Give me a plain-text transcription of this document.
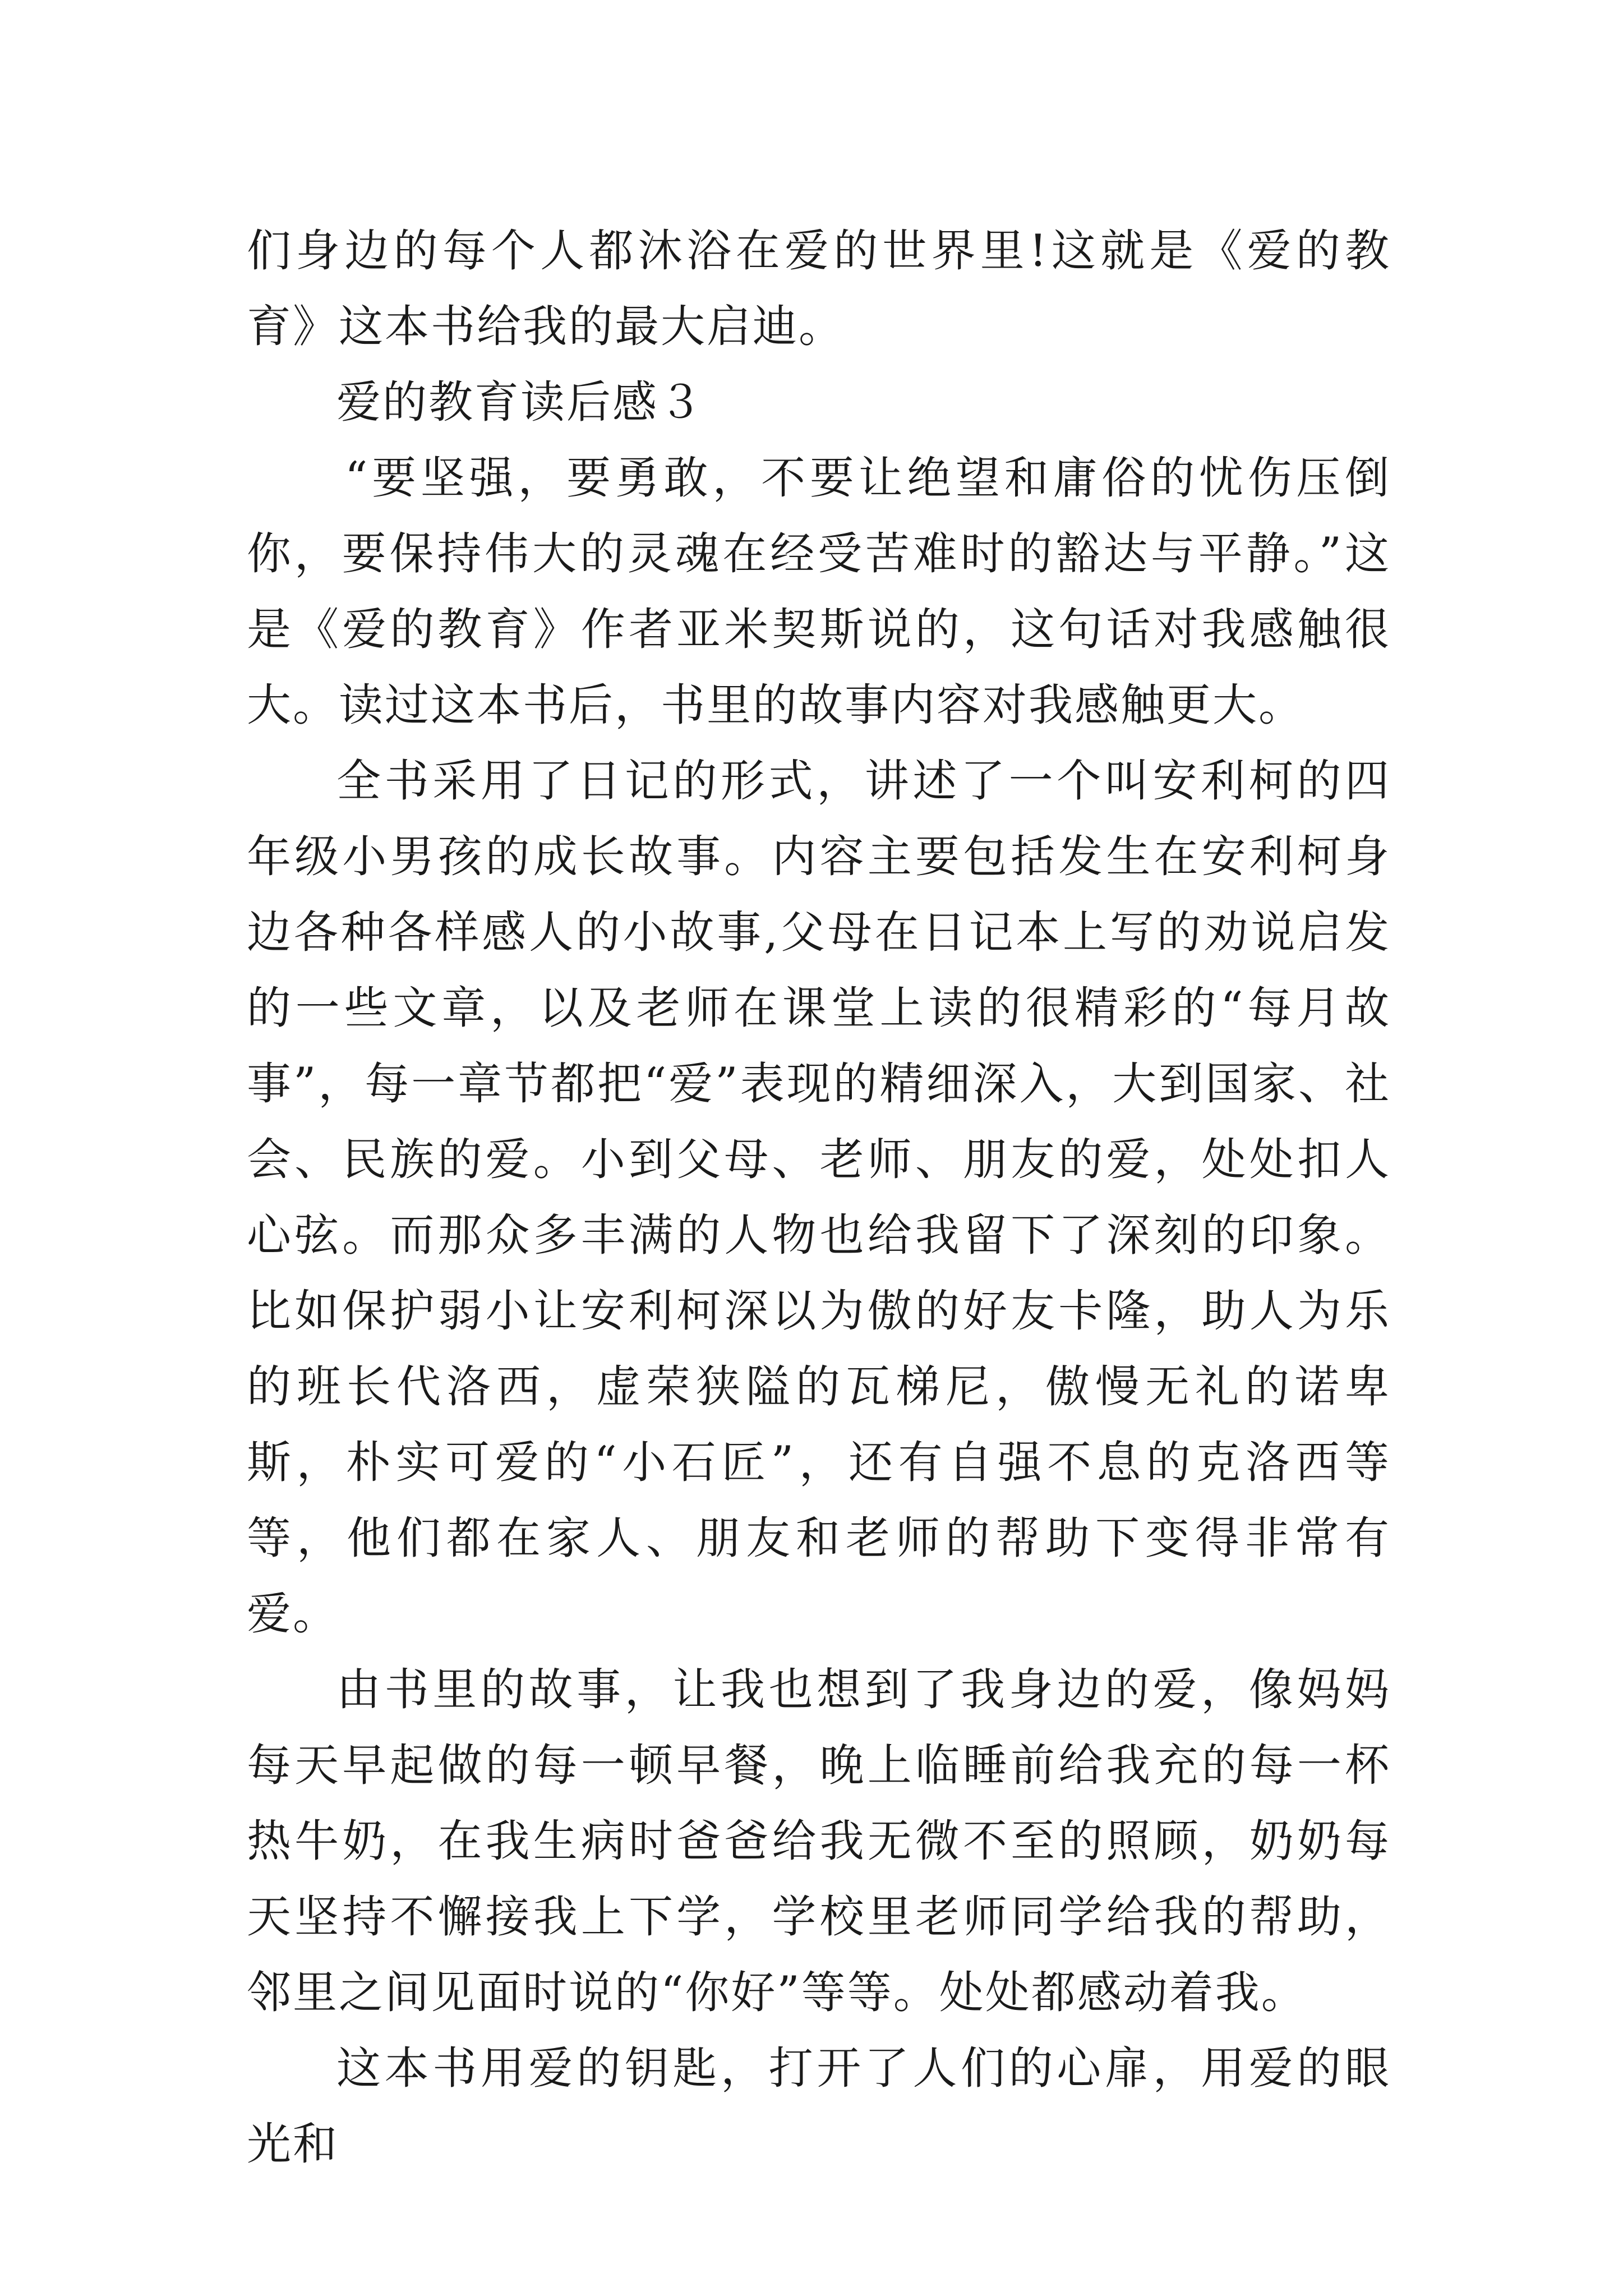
们身边的每个人都沐浴在爱的世界里!这就是《爱的教育》这本书给我的最大启迪。

爱的教育读后感３

“要坚强，要勇敢，不要让绝望和庸俗的忧伤压倒你，要保持伟大的灵魂在经受苦难时的豁达与平静。”这是《爱的教育》作者亚米契斯说的，这句话对我感触很大。读过这本书后，书里的故事内容对我感触更大。

全书采用了日记的形式，讲述了一个叫安利柯的四年级小男孩的成长故事。内容主要包括发生在安利柯身边各种各样感人的小故事,父母在日记本上写的劝说启发的一些文章，以及老师在课堂上读的很精彩的“每月故事”，每一章节都把“爱”表现的精细深入，大到国家、社会、民族的爱。小到父母、老师、朋友的爱，处处扣人心弦。而那众多丰满的人物也给我留下了深刻的印象。比如保护弱小让安利柯深以为傲的好友卡隆，助人为乐的班长代洛西，虚荣狭隘的瓦梯尼，傲慢无礼的诺卑斯，朴实可爱的“小石匠”，还有自强不息的克洛西等等，他们都在家人、朋友和老师的帮助下变得非常有爱。

由书里的故事，让我也想到了我身边的爱，像妈妈每天早起做的每一顿早餐，晚上临睡前给我充的每一杯热牛奶，在我生病时爸爸给我无微不至的照顾，奶奶每天坚持不懈接我上下学，学校里老师同学给我的帮助，邻里之间见面时说的“你好”等等。处处都感动着我。

这本书用爱的钥匙，打开了人们的心扉，用爱的眼光和
